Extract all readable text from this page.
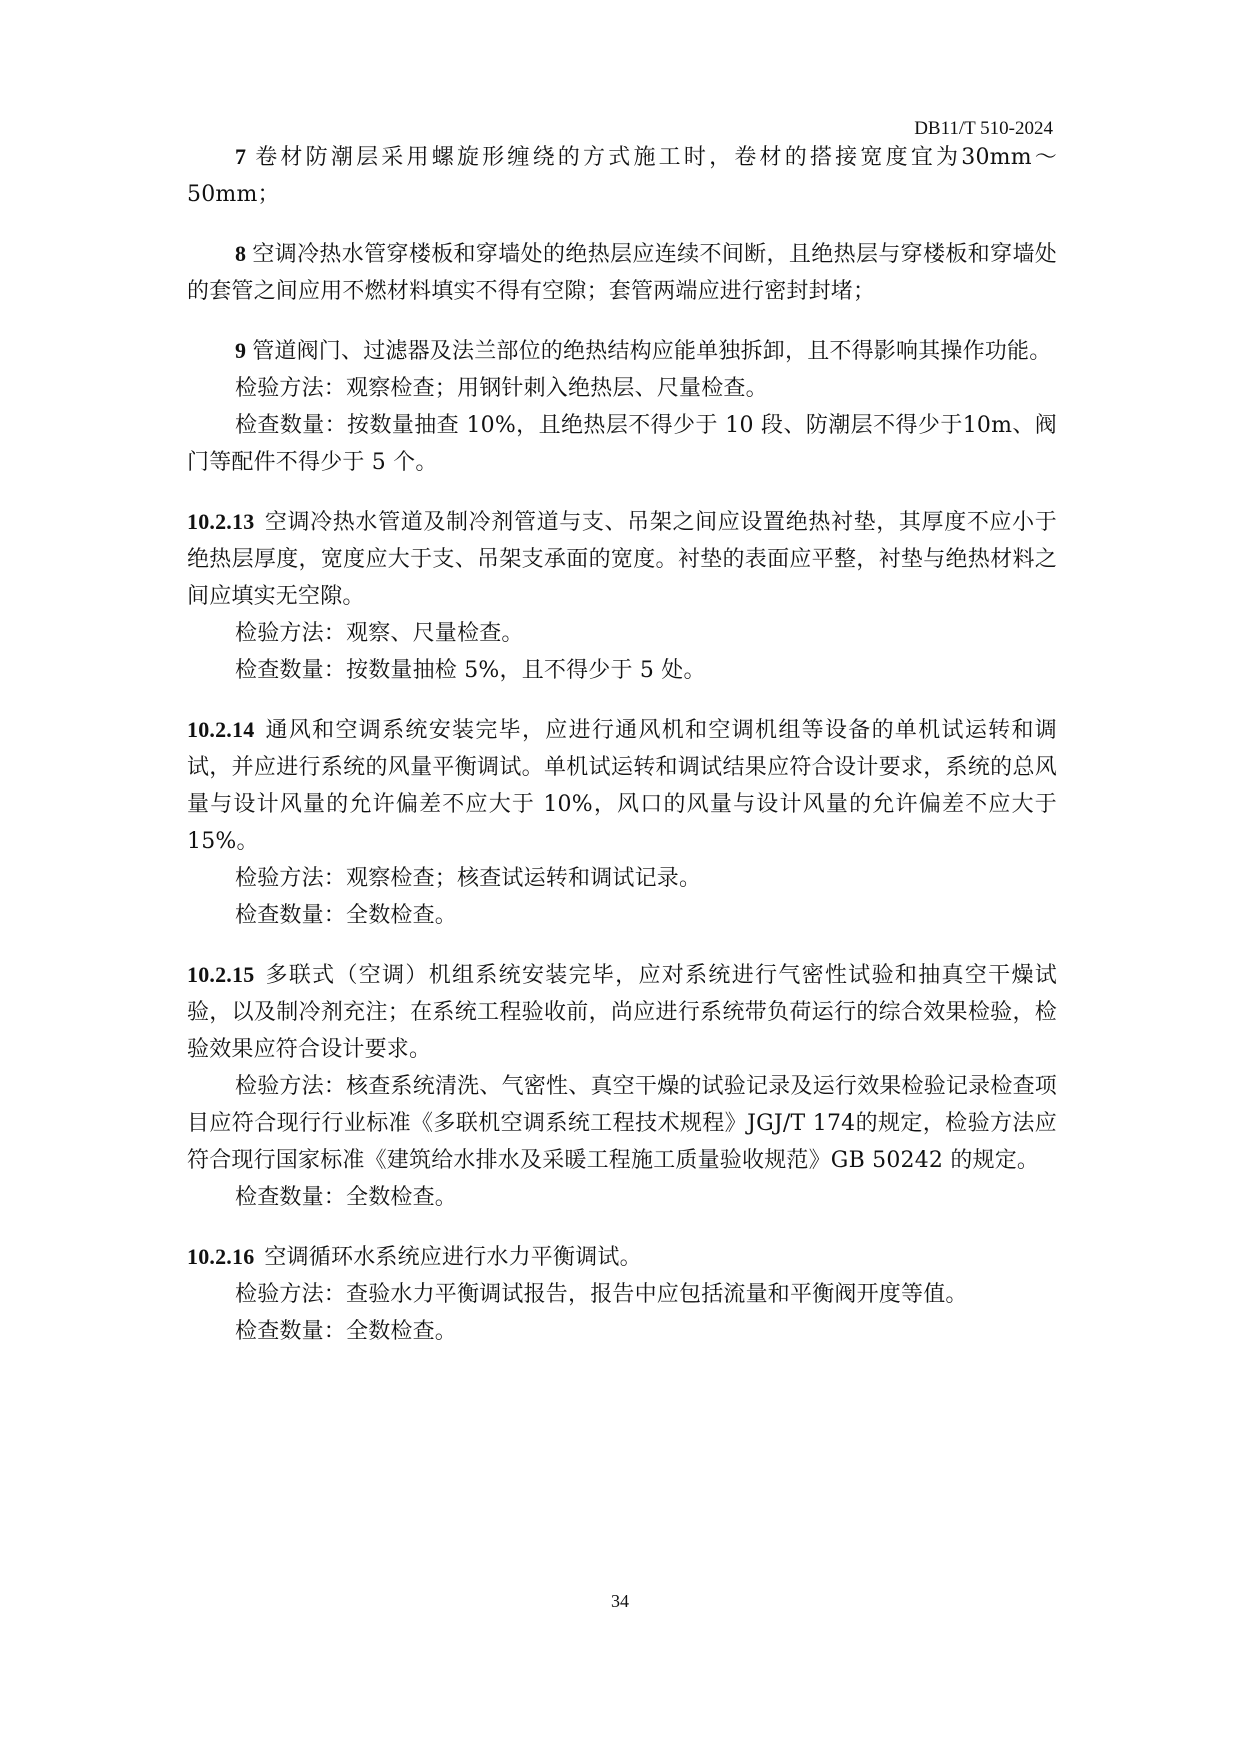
DB11/T 510-2024

7 卷材防潮层采用螺旋形缠绕的方式施工时，卷材的搭接宽度宜为30mm～50mm；

8 空调冷热水管穿楼板和穿墙处的绝热层应连续不间断，且绝热层与穿楼板和穿墙处的套管之间应用不燃材料填实不得有空隙；套管两端应进行密封封堵；

9 管道阀门、过滤器及法兰部位的绝热结构应能单独拆卸，且不得影响其操作功能。

检验方法：观察检查；用钢针刺入绝热层、尺量检查。

检查数量：按数量抽查 10%，且绝热层不得少于 10 段、防潮层不得少于10m、阀门等配件不得少于 5 个。

10.2.13 空调冷热水管道及制冷剂管道与支、吊架之间应设置绝热衬垫，其厚度不应小于绝热层厚度，宽度应大于支、吊架支承面的宽度。衬垫的表面应平整，衬垫与绝热材料之间应填实无空隙。

检验方法：观察、尺量检查。

检查数量：按数量抽检 5%，且不得少于 5 处。

10.2.14 通风和空调系统安装完毕，应进行通风机和空调机组等设备的单机试运转和调试，并应进行系统的风量平衡调试。单机试运转和调试结果应符合设计要求，系统的总风量与设计风量的允许偏差不应大于 10%，风口的风量与设计风量的允许偏差不应大于 15%。

检验方法：观察检查；核查试运转和调试记录。

检查数量：全数检查。

10.2.15 多联式（空调）机组系统安装完毕，应对系统进行气密性试验和抽真空干燥试验，以及制冷剂充注；在系统工程验收前，尚应进行系统带负荷运行的综合效果检验，检验效果应符合设计要求。

检验方法：核查系统清洗、气密性、真空干燥的试验记录及运行效果检验记录检查项目应符合现行行业标准《多联机空调系统工程技术规程》JGJ/T 174的规定，检验方法应符合现行国家标准《建筑给水排水及采暖工程施工质量验收规范》GB 50242 的规定。

检查数量：全数检查。

10.2.16 空调循环水系统应进行水力平衡调试。

检验方法：查验水力平衡调试报告，报告中应包括流量和平衡阀开度等值。

检查数量：全数检查。

34
